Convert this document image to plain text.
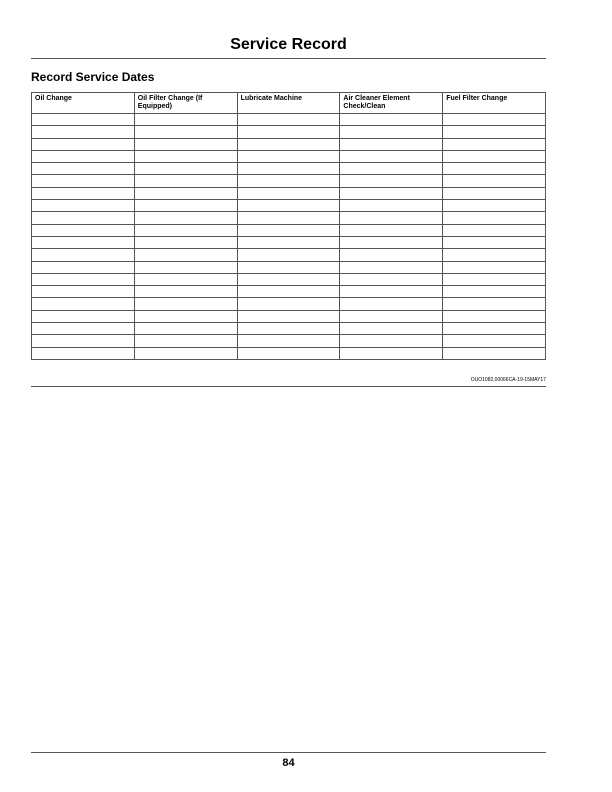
Service Record
Record Service Dates
Oil Change	Oil Filter Change (If Equipped)	Lubricate Machine	Air Cleaner Element Check/Clean	Fuel Filter Change

OUO1082,00066CA-19-15MAY17
84
